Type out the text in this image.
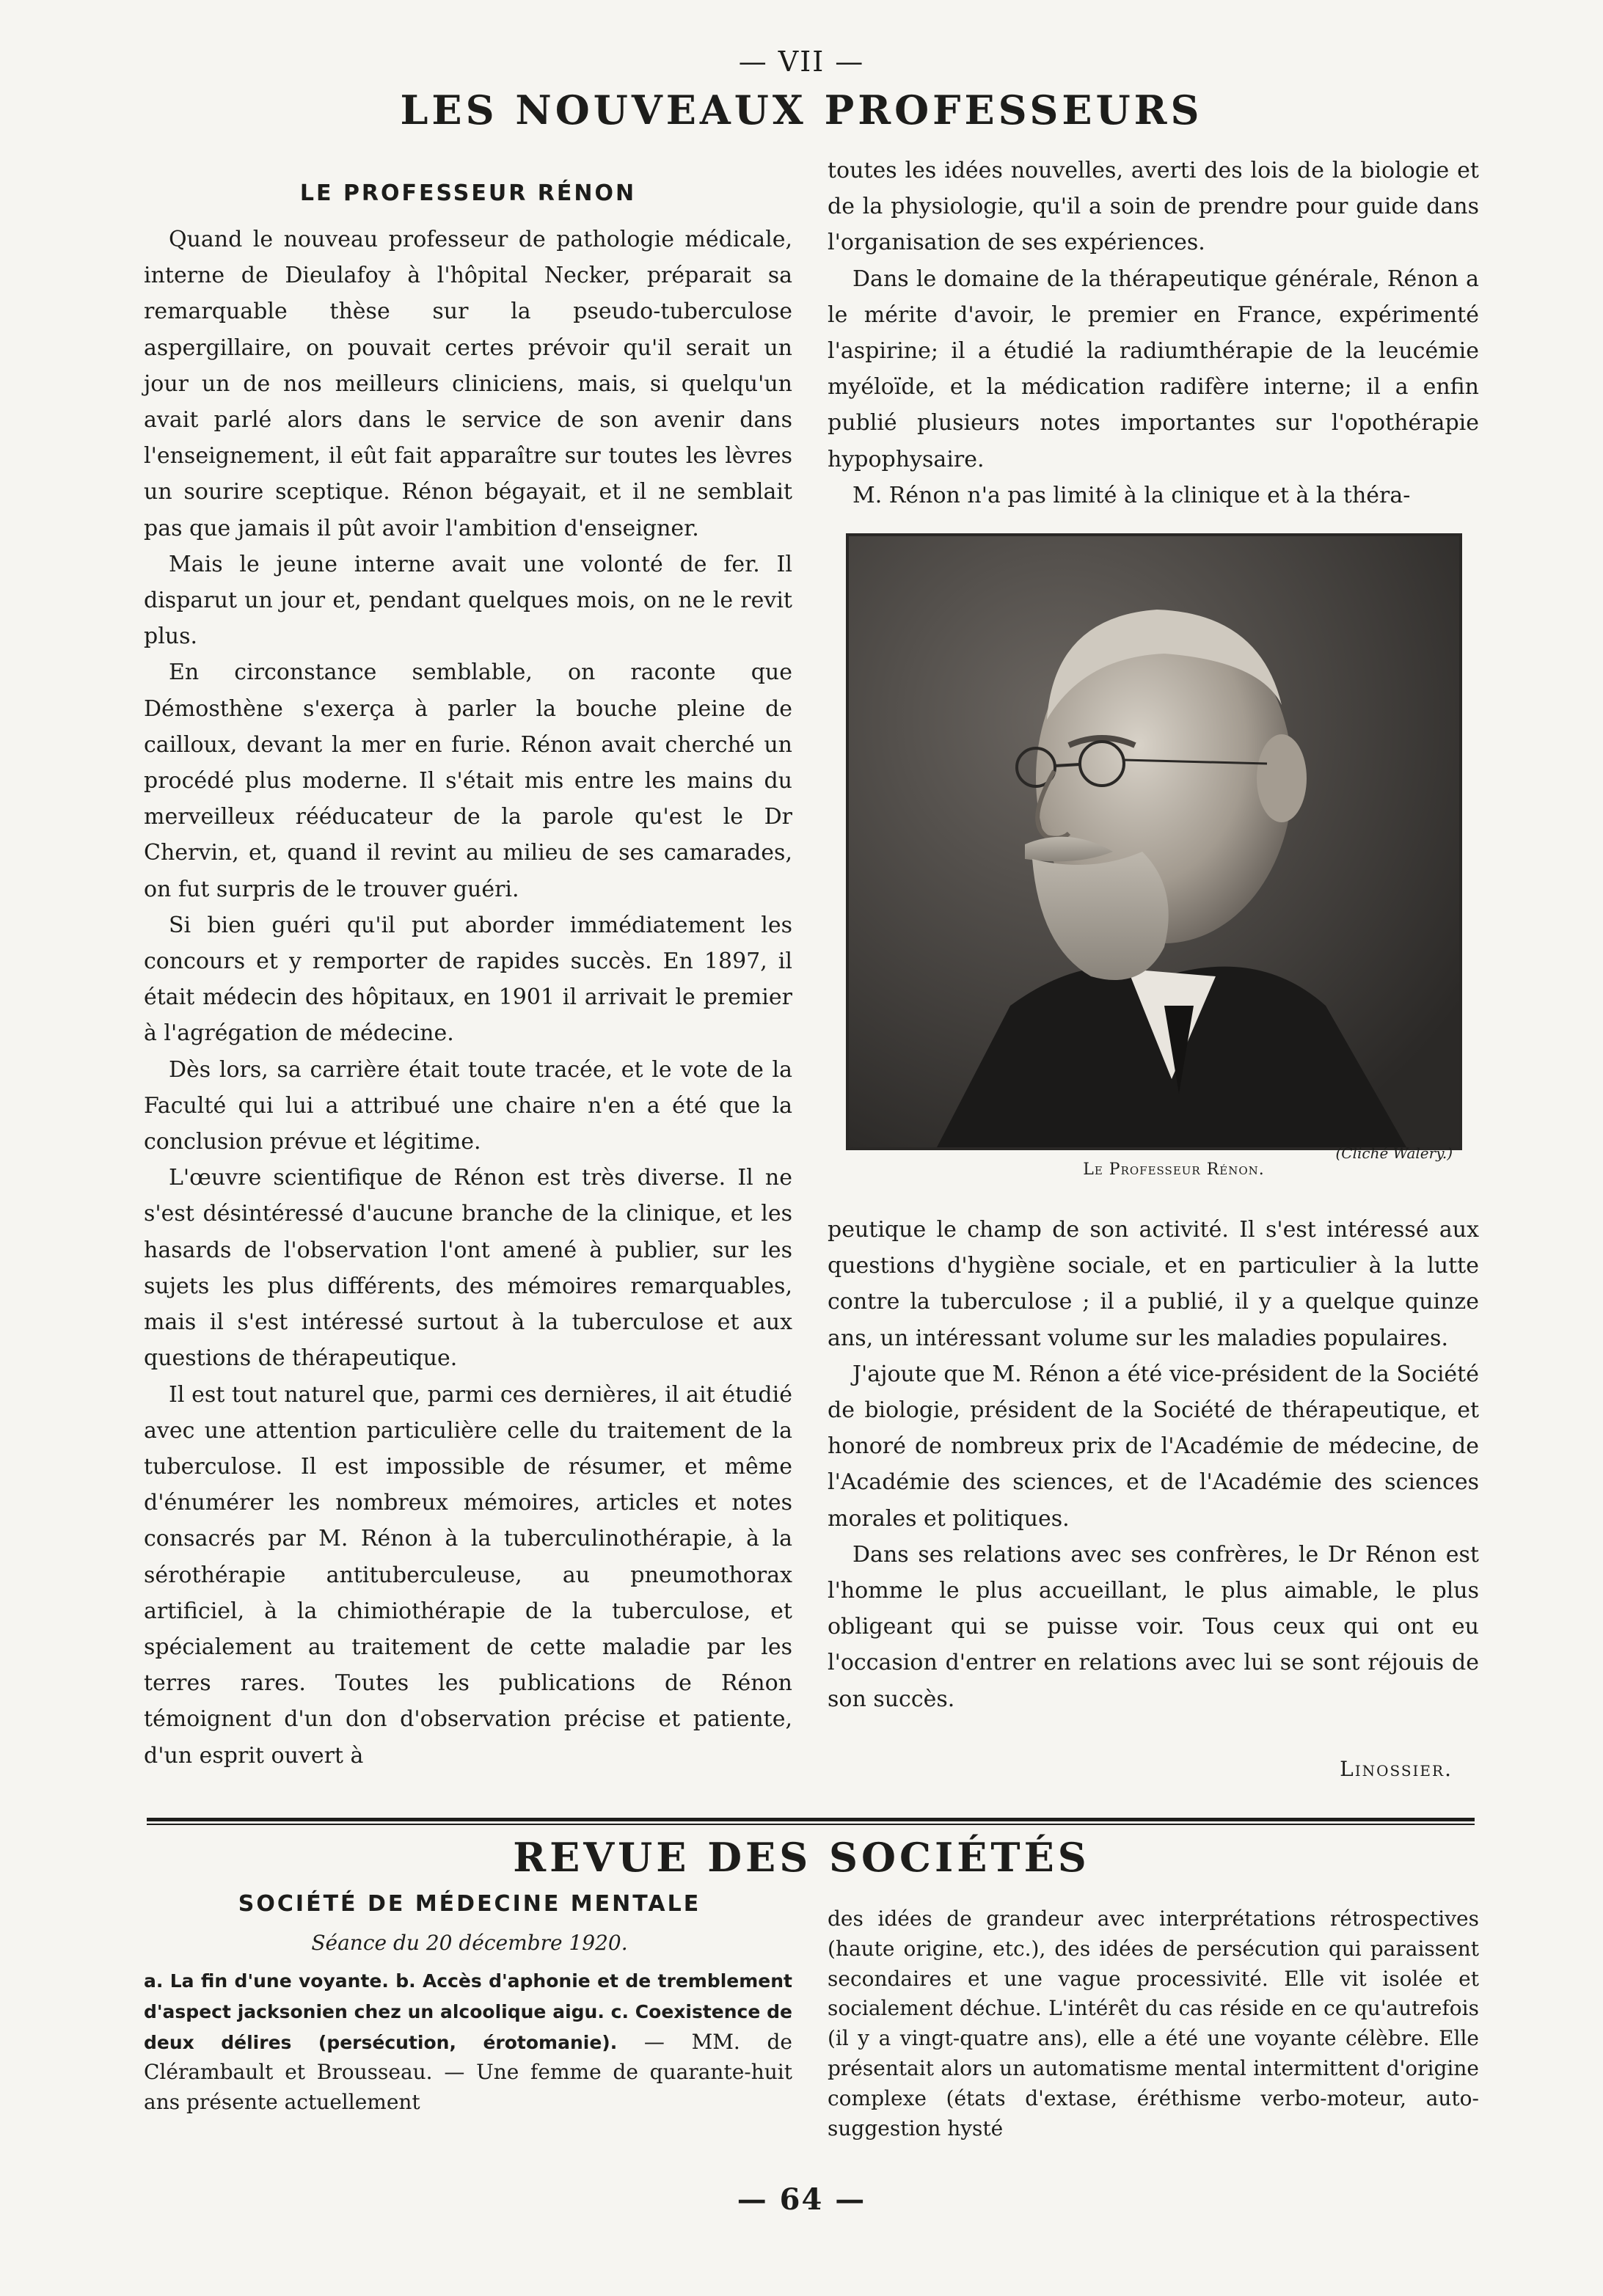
— VII —
LES NOUVEAUX PROFESSEURS
LE PROFESSEUR RÉNON

Quand le nouveau professeur de pathologie médicale, interne de Dieulafoy à l'hôpital Necker, préparait sa remarquable thèse sur la pseudo-tuberculose aspergillaire, on pouvait certes prévoir qu'il serait un jour un de nos meilleurs cliniciens, mais, si quelqu'un avait parlé alors dans le service de son avenir dans l'enseignement, il eût fait apparaître sur toutes les lèvres un sourire sceptique. Rénon bégayait, et il ne semblait pas que jamais il pût avoir l'ambition d'enseigner.

Mais le jeune interne avait une volonté de fer. Il disparut un jour et, pendant quelques mois, on ne le revit plus.

En circonstance semblable, on raconte que Démosthène s'exerça à parler la bouche pleine de cailloux, devant la mer en furie. Rénon avait cherché un procédé plus moderne. Il s'était mis entre les mains du merveilleux rééducateur de la parole qu'est le Dr Chervin, et, quand il revint au milieu de ses camarades, on fut surpris de le trouver guéri.

Si bien guéri qu'il put aborder immédiatement les concours et y remporter de rapides succès. En 1897, il était médecin des hôpitaux, en 1901 il arrivait le premier à l'agrégation de médecine.

Dès lors, sa carrière était toute tracée, et le vote de la Faculté qui lui a attribué une chaire n'en a été que la conclusion prévue et légitime.

L'œuvre scientifique de Rénon est très diverse. Il ne s'est désintéressé d'aucune branche de la clinique, et les hasards de l'observation l'ont amené à publier, sur les sujets les plus différents, des mémoires remarquables, mais il s'est intéressé surtout à la tuberculose et aux questions de thérapeutique.

Il est tout naturel que, parmi ces dernières, il ait étudié avec une attention particulière celle du traitement de la tuberculose. Il est impossible de résumer, et même d'énumérer les nombreux mémoires, articles et notes consacrés par M. Rénon à la tuberculinothérapie, à la sérothérapie antituberculeuse, au pneumothorax artificiel, à la chimiothérapie de la tuberculose, et spécialement au traitement de cette maladie par les terres rares. Toutes les publications de Rénon témoignent d'un don d'observation précise et patiente, d'un esprit ouvert à

toutes les idées nouvelles, averti des lois de la biologie et de la physiologie, qu'il a soin de prendre pour guide dans l'organisation de ses expériences.

Dans le domaine de la thérapeutique générale, Rénon a le mérite d'avoir, le premier en France, expérimenté l'aspirine; il a étudié la radiumthérapie de la leucémie myéloïde, et la médication radifère interne; il a enfin publié plusieurs notes importantes sur l'opothérapie hypophysaire.

M. Rénon n'a pas limité à la clinique et à la théra-

(Cliché Walery.)
Le Professeur Rénon.

peutique le champ de son activité. Il s'est intéressé aux questions d'hygiène sociale, et en particulier à la lutte contre la tuberculose ; il a publié, il y a quelque quinze ans, un intéressant volume sur les maladies populaires.

J'ajoute que M. Rénon a été vice-président de la Société de biologie, président de la Société de thérapeutique, et honoré de nombreux prix de l'Académie de médecine, de l'Académie des sciences, et de l'Académie des sciences morales et politiques.

Dans ses relations avec ses confrères, le Dr Rénon est l'homme le plus accueillant, le plus aimable, le plus obligeant qui se puisse voir. Tous ceux qui ont eu l'occasion d'entrer en relations avec lui se sont réjouis de son succès.

Linossier.
REVUE DES SOCIÉTÉS
SOCIÉTÉ DE MÉDECINE MENTALE
Séance du 20 décembre 1920.

a. La fin d'une voyante. b. Accès d'aphonie et de tremblement d'aspect jacksonien chez un alcoolique aigu. c. Coexistence de deux délires (persécution, érotomanie). — MM. de Clérambault et Brousseau. — Une femme de quarante-huit ans présente actuellement

des idées de grandeur avec interprétations rétrospectives (haute origine, etc.), des idées de persécution qui paraissent secondaires et une vague processivité. Elle vit isolée et socialement déchue. L'intérêt du cas réside en ce qu'autrefois (il y a vingt-quatre ans), elle a été une voyante célèbre. Elle présentait alors un automatisme mental intermittent d'origine complexe (états d'extase, éréthisme verbo-moteur, auto-suggestion hysté

— 64 —
